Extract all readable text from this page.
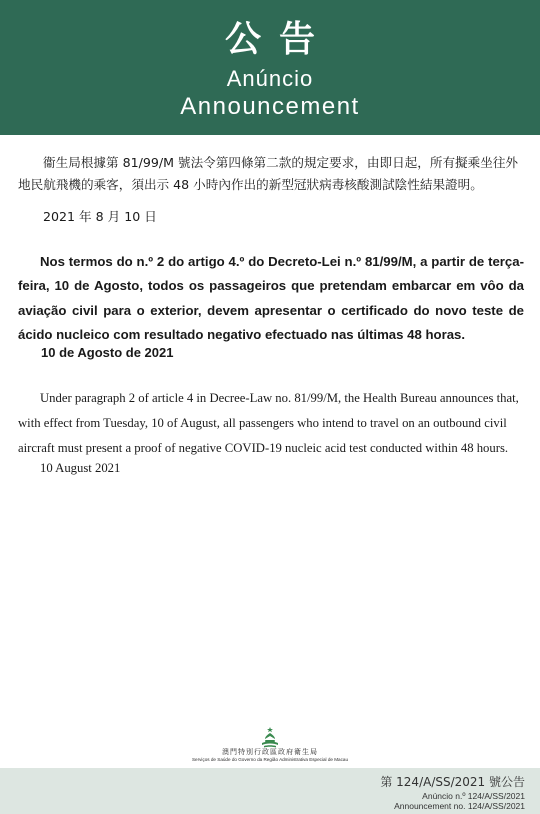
公告
Anúncio
Announcement
衞生局根據第 81/99/M 號法令第四條第二款的規定要求，由即日起，所有擬乘坐往外地民航飛機的乘客，須出示 48 小時內作出的新型冠狀病毒核酸測試陰性結果證明。
2021 年 8 月 10 日
Nos termos do n.º 2 do artigo 4.º do Decreto-Lei n.º 81/99/M, a partir de terça-feira, 10 de Agosto, todos os passageiros que pretendam embarcar em vôo da aviação civil para o exterior, devem apresentar o certificado do novo teste de ácido nucleico com resultado negativo efectuado nas últimas 48 horas.
10 de Agosto de 2021
Under paragraph 2 of article 4 in Decree-Law no. 81/99/M, the Health Bureau announces that, with effect from Tuesday, 10 of August, all passengers who intend to travel on an outbound civil aircraft must present a proof of negative COVID-19 nucleic acid test conducted within 48 hours.
10 August 2021
澳門特別行政區政府衛生局
Serviços de Saúde do Governo da Região Administrativa Especial de Macau
第 124/A/SS/2021 號公告
Anúncio n.º 124/A/SS/2021
Announcement no. 124/A/SS/2021
